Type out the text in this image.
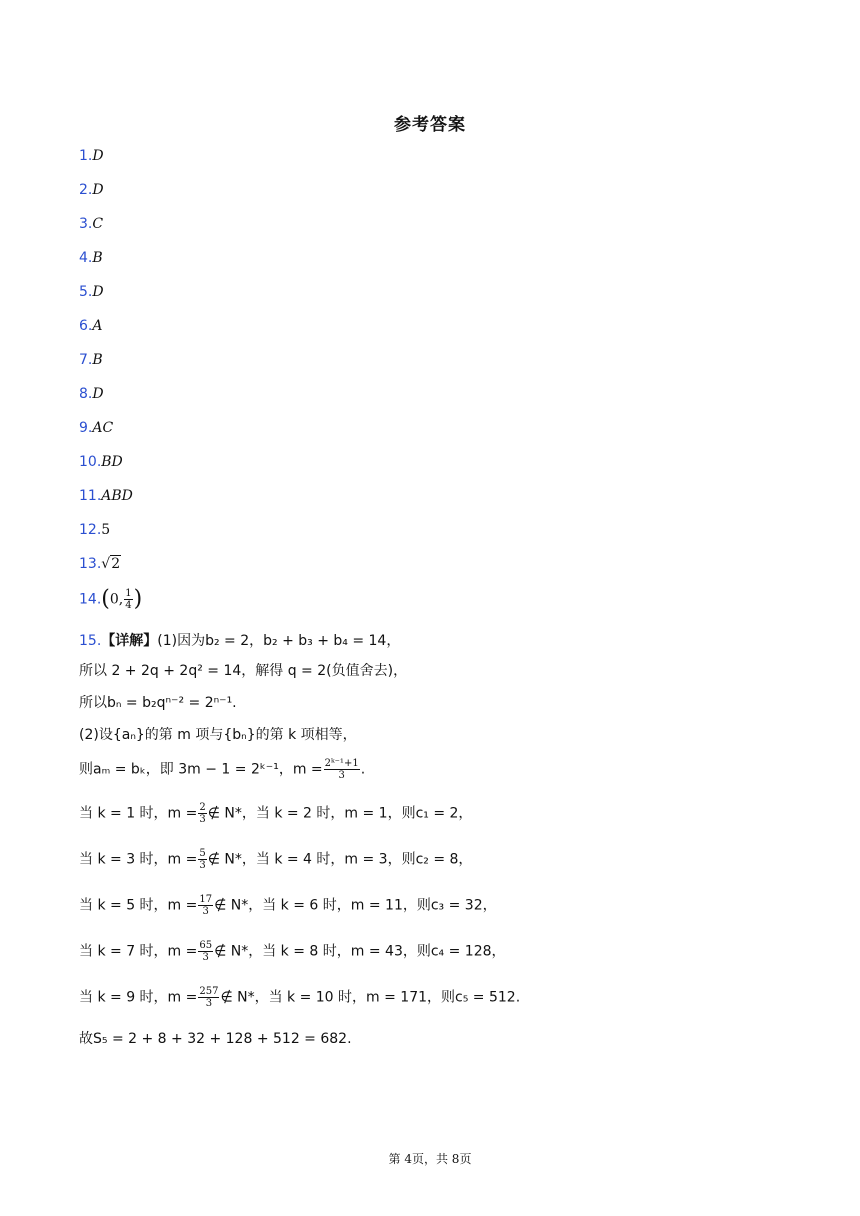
参考答案
1.D
2.D
3.C
4.B
5.D
6.A
7.B
8.D
9.AC
10.BD
11.ABD
12.5
13.√2
14.(0, $\frac{1}{4}$ )
15.【详解】(1)因为b₂ = 2，b₂ + b₃ + b₄ = 14，
所以 2 + 2q + 2q² = 14，解得 q = 2(负值舍去)，
所以bₙ = b₂qⁿ⁻² = 2ⁿ⁻¹.
(2)设{aₙ}的第 m 项与{bₙ}的第 k 项相等，
则aₘ = bₖ，即 3m − 1 = 2ᵏ⁻¹，$m = \frac{\text{2ᵏ⁻¹+1}}{3}$ .
当 k = 1 时，$m = \frac{2}{3}$ ∉ N*，当 k = 2 时，m = 1，则c₁ = 2，
当 k = 3 时，$m = \frac{5}{3}$ ∉ N*，当 k = 4 时，m = 3，则c₂ = 8，
当 k = 5 时，$m = \frac{17}{3}$ ∉ N*，当 k = 6 时，m = 11，则c₃ = 32，
当 k = 7 时，$m = \frac{65}{3}$ ∉ N*，当 k = 8 时，m = 43，则c₄ = 128，
当 k = 9 时，$m = \frac{257}{3}$ ∉ N*，当 k = 10 时，m = 171，则c₅ = 512.
故S₅ = 2 + 8 + 32 + 128 + 512 = 682.
第 4页，共 8页
